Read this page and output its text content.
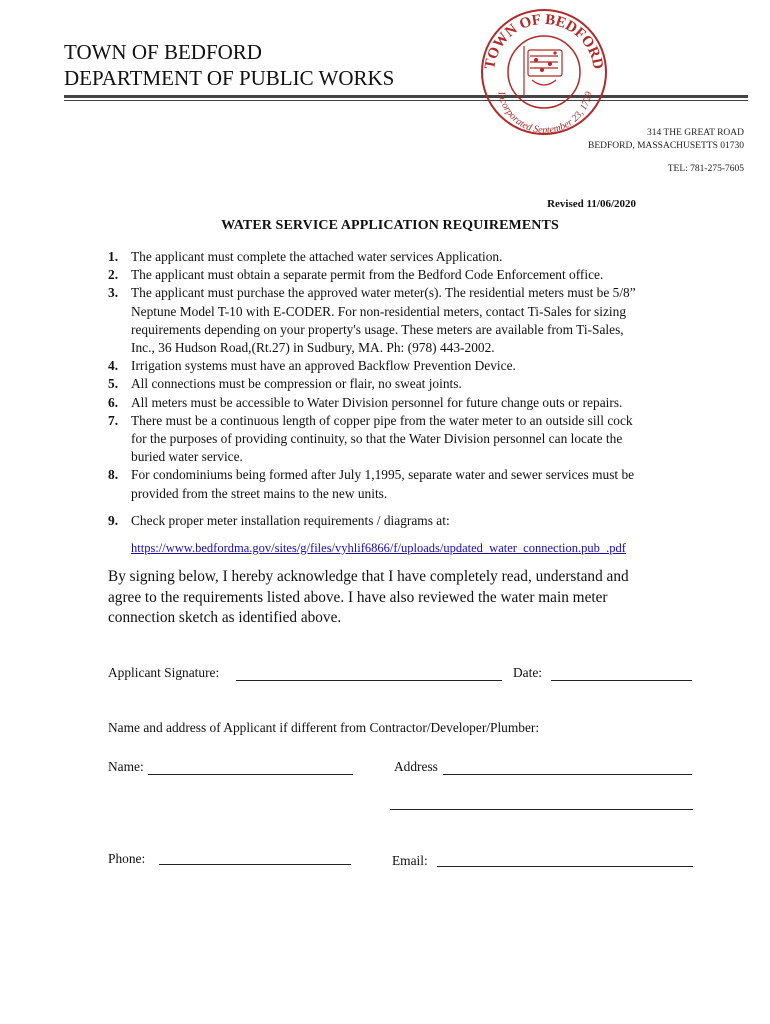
TOWN OF BEDFORD
DEPARTMENT OF PUBLIC WORKS
TOWN OF BEDFORD
Incorporated September 23, 1729
314 THE GREAT ROAD
BEDFORD, MASSACHUSETTS 01730
TEL: 781-275-7605
Revised 11/06/2020
WATER SERVICE APPLICATION REQUIREMENTS
1. The applicant must complete the attached water services Application.
2. The applicant must obtain a separate permit from the Bedford Code Enforcement office.
3. The applicant must purchase the approved water meter(s). The residential meters must be 5/8”
Neptune Model T-10 with E-CODER. For non-residential meters, contact Ti-Sales for sizing
requirements depending on your property's usage. These meters are available from Ti-Sales,
Inc., 36 Hudson Road,(Rt.27) in Sudbury, MA. Ph: (978) 443-2002.
4. Irrigation systems must have an approved Backflow Prevention Device.
5. All connections must be compression or flair, no sweat joints.
6. All meters must be accessible to Water Division personnel for future change outs or repairs.
7. There must be a continuous length of copper pipe from the water meter to an outside sill cock
for the purposes of providing continuity, so that the Water Division personnel can locate the
buried water service.
8. For condominiums being formed after July 1,1995, separate water and sewer services must be
provided from the street mains to the new units.
9. Check proper meter installation requirements / diagrams at:
https://www.bedfordma.gov/sites/g/files/vyhlif6866/f/uploads/updated_water_connection.pub_.pdf
By signing below, I hereby acknowledge that I have completely read, understand and
agree to the requirements listed above. I have also reviewed the water main meter
connection sketch as identified above.
Applicant Signature:	Date:
Name and address of Applicant if different from Contractor/Developer/Plumber:
Name:	Address
Phone:	Email:
